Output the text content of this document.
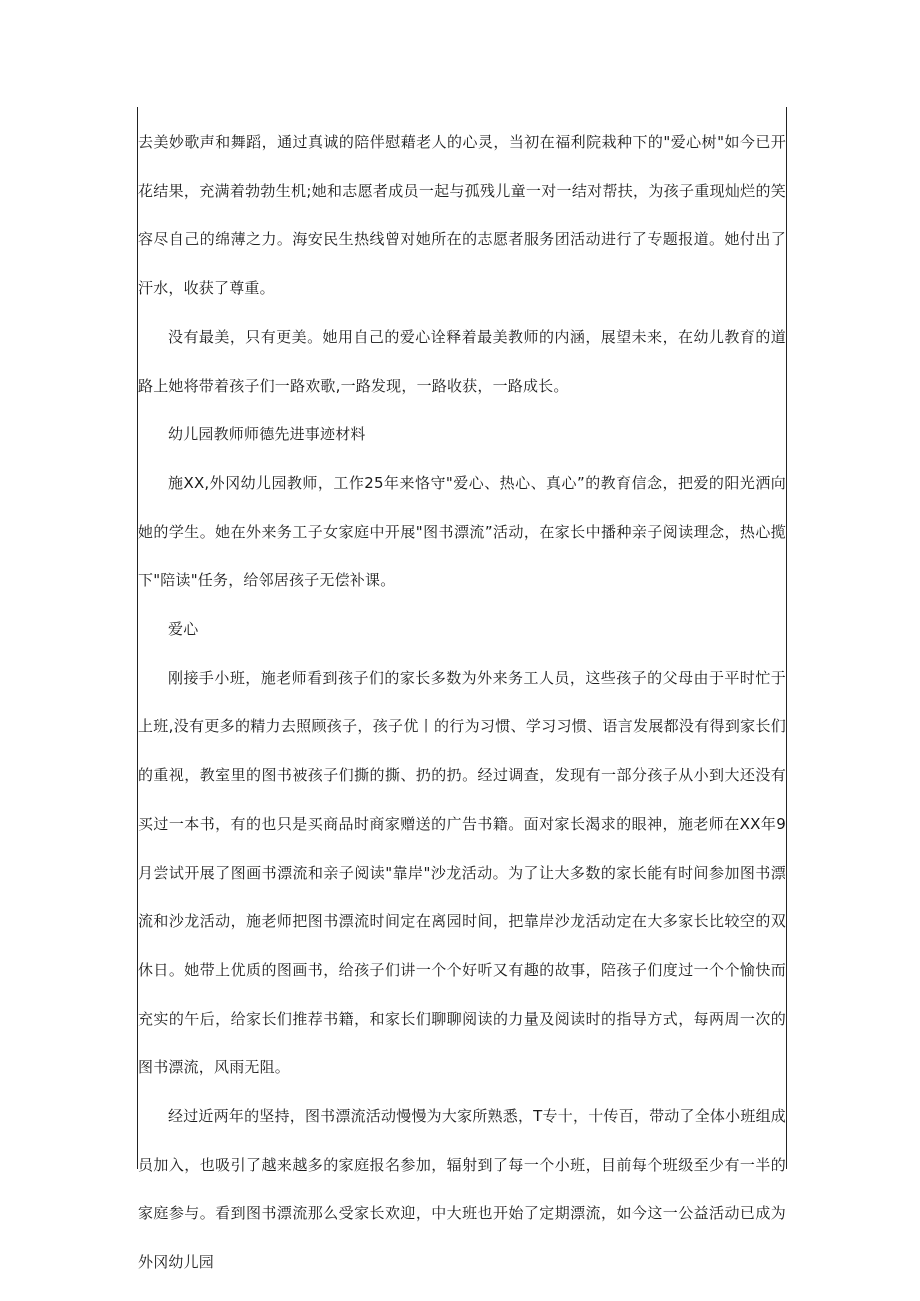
去美妙歌声和舞蹈，通过真诚的陪伴慰藉老人的心灵，当初在福利院栽种下的"爱心树"如今已开花结果，充满着勃勃生机;她和志愿者成员一起与孤残儿童一对一结对帮扶，为孩子重现灿烂的笑容尽自己的绵薄之力。海安民生热线曾对她所在的志愿者服务团活动进行了专题报道。她付出了汗水，收获了尊重。

没有最美，只有更美。她用自己的爱心诠释着最美教师的内涵，展望未来，在幼儿教育的道路上她将带着孩子们一路欢歌,一路发现，一路收获，一路成长。

幼儿园教师师德先进事迹材料

施XX,外冈幼儿园教师，工作25年来恪守"爱心、热心、真心”的教育信念，把爱的阳光洒向她的学生。她在外来务工子女家庭中开展"图书漂流”活动，在家长中播种亲子阅读理念，热心揽下"陪读"任务，给邻居孩子无偿补课。

爱心

刚接手小班，施老师看到孩子们的家长多数为外来务工人员，这些孩子的父母由于平时忙于上班,没有更多的精力去照顾孩子，孩子优丨的行为习惯、学习习惯、语言发展都没有得到家长们的重视，教室里的图书被孩子们撕的撕、扔的扔。经过调查，发现有一部分孩子从小到大还没有买过一本书，有的也只是买商品时商家赠送的广告书籍。面对家长渴求的眼神，施老师在XX年9月尝试开展了图画书漂流和亲子阅读"靠岸"沙龙活动。为了让大多数的家长能有时间参加图书漂流和沙龙活动，施老师把图书漂流时间定在离园时间，把靠岸沙龙活动定在大多家长比较空的双休日。她带上优质的图画书，给孩子们讲一个个好听又有趣的故事，陪孩子们度过一个个愉快而充实的午后，给家长们推荐书籍，和家长们聊聊阅读的力量及阅读时的指导方式，每两周一次的图书漂流，风雨无阻。

经过近两年的坚持，图书漂流活动慢慢为大家所熟悉，T专十，十传百，带动了全体小班组成员加入，也吸引了越来越多的家庭报名参加，辐射到了每一个小班，目前每个班级至少有一半的家庭参与。看到图书漂流那么受家长欢迎，中大班也开始了定期漂流，如今这一公益活动已成为外冈幼儿园
